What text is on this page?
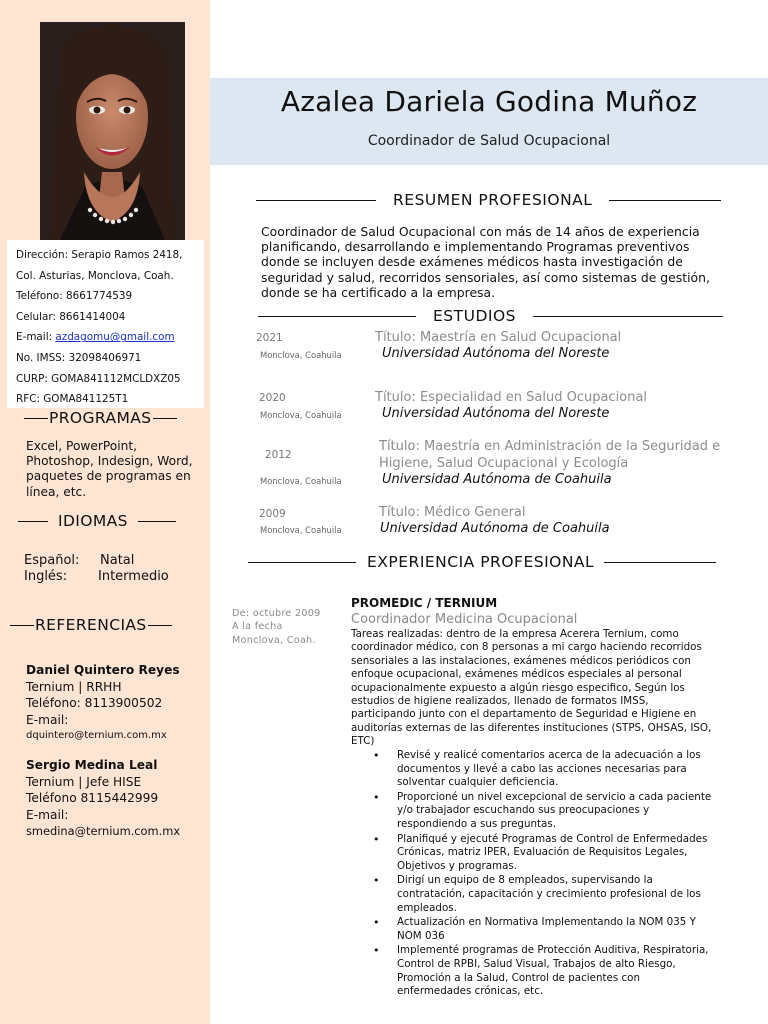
Dirección: Serapio Ramos 2418,
Col. Asturias, Monclova, Coah.
Teléfono: 8661774539
Celular: 8661414004
E-mail: azdagomu@gmail.com
No. IMSS: 32098406971
CURP: GOMA841112MCLDXZ05
RFC: GOMA841125T1
PROGRAMAS
Excel, PowerPoint, Photoshop, Indesign, Word, paquetes de programas en línea, etc.
IDIOMAS
Español: Natal
Inglés: Intermedio
REFERENCIAS
Daniel Quintero Reyes
Ternium | RRHH
Teléfono: 8113900502
E-mail:
dquintero@ternium.com.mx
Sergio Medina Leal
Ternium | Jefe HISE
Teléfono 8115442999
E-mail:
smedina@ternium.com.mx
Azalea Dariela Godina Muñoz
Coordinador de Salud Ocupacional
RESUMEN PROFESIONAL
Coordinador de Salud Ocupacional con más de 14 años de experiencia planificando, desarrollando e implementando Programas preventivos donde se incluyen desde exámenes médicos hasta investigación de seguridad y salud, recorridos sensoriales, así como sistemas de gestión, donde se ha certificado a la empresa.
ESTUDIOS
2021
Monclova, Coahuila
Título: Maestría en Salud Ocupacional
Universidad Autónoma del Noreste
2020
Monclova, Coahuila
Título: Especialidad en Salud Ocupacional
Universidad Autónoma del Noreste
2012
Monclova, Coahuila
Título: Maestría en Administración de la Seguridad e Higiene, Salud Ocupacional y Ecología
Universidad Autónoma de Coahuila
2009
Monclova, Coahuila
Título: Médico General
Universidad Autónoma de Coahuila
EXPERIENCIA PROFESIONAL
De: octubre 2009
A la fecha
Monclova, Coah.
PROMEDIC / TERNIUM
Coordinador Medicina Ocupacional
Tareas realizadas: dentro de la empresa Acerera Ternium, como coordinador médico, con 8 personas a mi cargo haciendo recorridos sensoriales a las instalaciones, exámenes médicos periódicos con enfoque ocupacional, exámenes médicos especiales al personal ocupacionalmente expuesto a algún riesgo especifico, Según los estudios de higiene realizados, llenado de formatos IMSS, participando junto con el departamento de Seguridad e Higiene en auditorías externas de las diferentes instituciones (STPS, OHSAS, ISO, ETC)
• Revisé y realicé comentarios acerca de la adecuación a los documentos y llevé a cabo las acciones necesarias para solventar cualquier deficiencia.
• Proporcioné un nivel excepcional de servicio a cada paciente y/o trabajador escuchando sus preocupaciones y respondiendo a sus preguntas.
• Planifiqué y ejecuté Programas de Control de Enfermedades Crónicas, matriz IPER, Evaluación de Requisitos Legales, Objetivos y programas.
• Dirigí un equipo de 8 empleados, supervisando la contratación, capacitación y crecimiento profesional de los empleados.
• Actualización en Normativa Implementando la NOM 035 Y NOM 036
• Implementé programas de Protección Auditiva, Respiratoria, Control de RPBI, Salud Visual, Trabajos de alto Riesgo, Promoción a la Salud, Control de pacientes con enfermedades crónicas, etc.
